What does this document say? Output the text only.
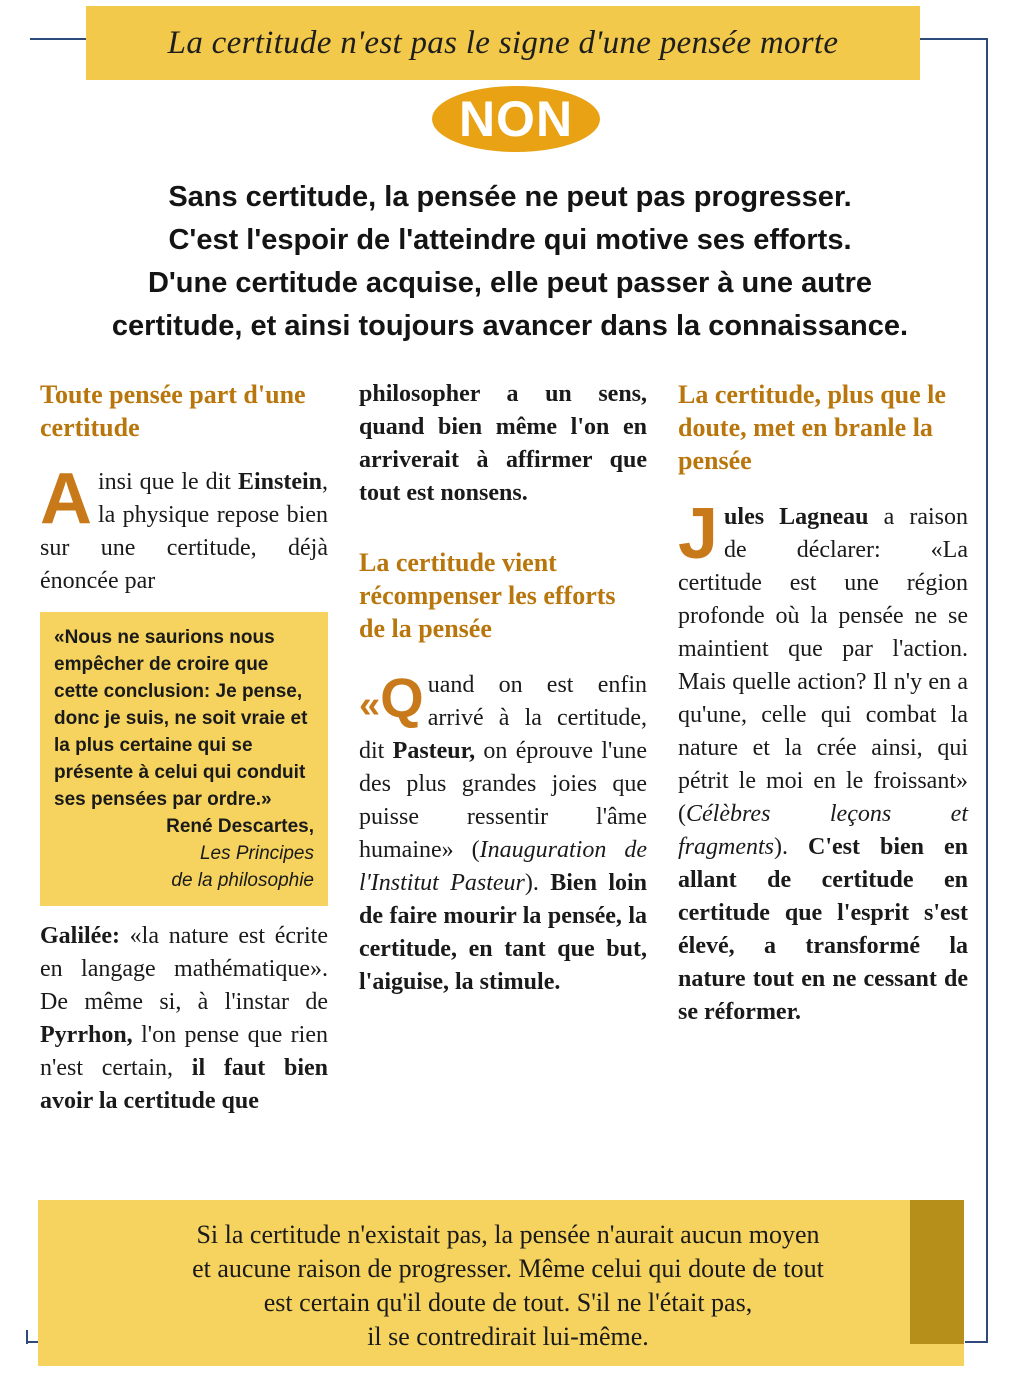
La certitude n'est pas le signe d'une pensée morte
NON

Sans certitude, la pensée ne peut pas progresser.

C'est l'espoir de l'atteindre qui motive ses efforts.

D'une certitude acquise, elle peut passer à une autre

certitude, et ainsi toujours avancer dans la connaissance.

Toute pensée part d'une certitude

Ainsi que le dit Einstein, la physique repose bien sur une certitude, déjà énoncée par

«Nous ne saurions nous empêcher de croire que cette conclusion: Je pense, donc je suis, ne soit vraie et la plus certaine qui se présente à celui qui conduit ses pensées par ordre.»
René Descartes,
Les Principes
de la philosophie

Galilée: «la nature est écrite en langage mathématique». De même si, à l'instar de Pyrrhon, l'on pense que rien n'est certain, il faut bien avoir la certitude que

philosopher a un sens, quand bien même l'on en arriverait à affirmer que tout est nonsens.

La certitude vient récompenser les efforts de la pensée

«Q uand on est enfin arrivé à la certitude, dit Pasteur, on éprouve l'une des plus grandes joies que puisse ressentir l'âme humaine» (Inauguration de l'Institut Pasteur). Bien loin de faire mourir la pensée, la certitude, en tant que but, l'aiguise, la stimule.

La certitude, plus que le doute, met en branle la pensée

Jules Lagneau a raison de déclarer: «La certitude est une région profonde où la pensée ne se maintient que par l'action. Mais quelle action? Il n'y en a qu'une, celle qui combat la nature et la crée ainsi, qui pétrit le moi en le froissant» (Célèbres leçons et fragments). C'est bien en allant de certitude en certitude que l'esprit s'est élevé, a transformé la nature tout en ne cessant de se réformer.

Si la certitude n'existait pas, la pensée n'aurait aucun moyen

et aucune raison de progresser. Même celui qui doute de tout

est certain qu'il doute de tout. S'il ne l'était pas,

il se contredirait lui-même.
